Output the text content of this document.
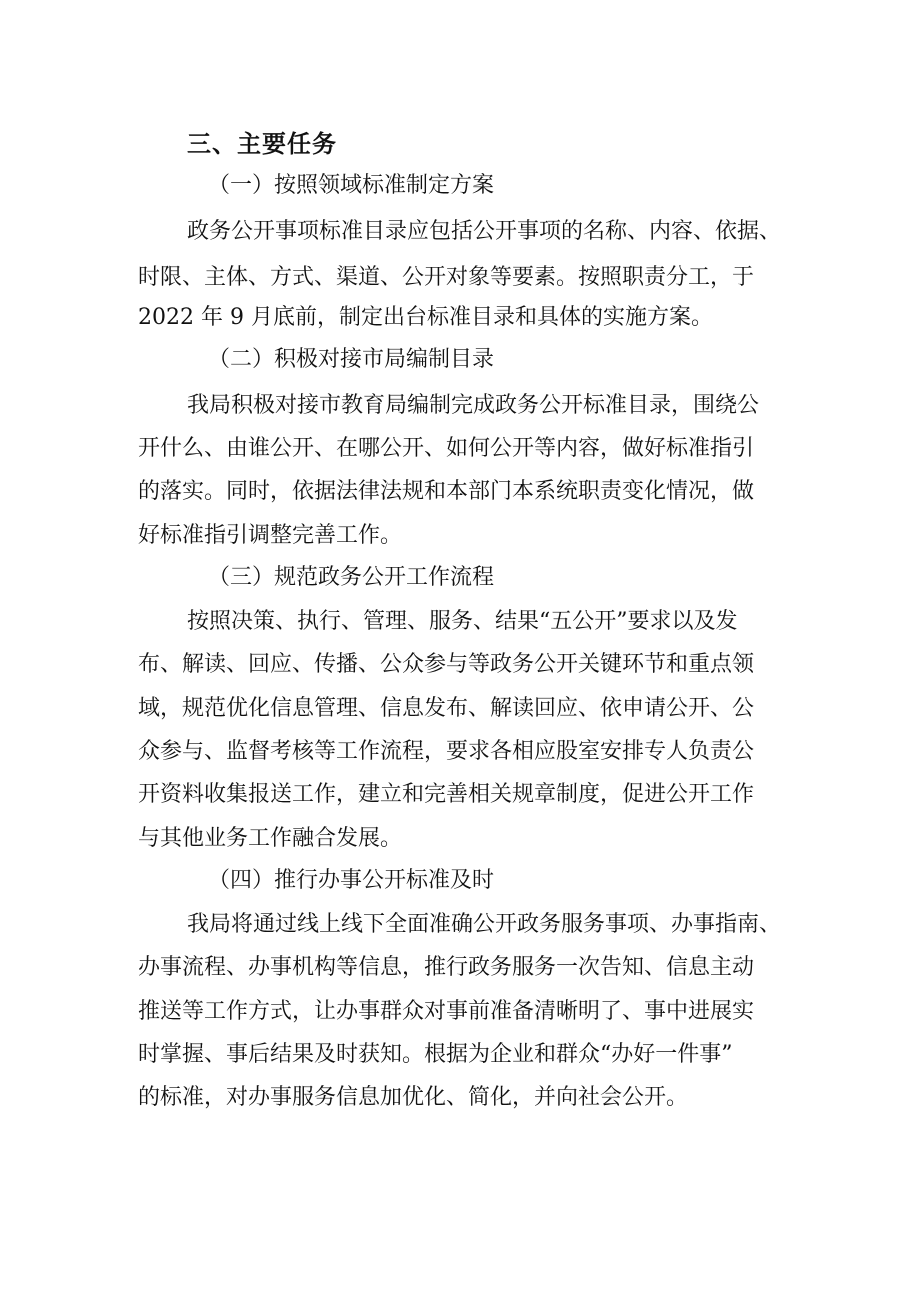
三、主要任务
（一）按照领域标准制定方案
政务公开事项标准目录应包括公开事项的名称、内容、依据、
时限、主体、方式、渠道、公开对象等要素。按照职责分工，于
2022 年 9 月底前，制定出台标准目录和具体的实施方案。
（二）积极对接市局编制目录
我局积极对接市教育局编制完成政务公开标准目录，围绕公
开什么、由谁公开、在哪公开、如何公开等内容，做好标准指引
的落实。同时，依据法律法规和本部门本系统职责变化情况，做
好标准指引调整完善工作。
（三）规范政务公开工作流程
按照决策、执行、管理、服务、结果“五公开”要求以及发
布、解读、回应、传播、公众参与等政务公开关键环节和重点领
域，规范优化信息管理、信息发布、解读回应、依申请公开、公
众参与、监督考核等工作流程，要求各相应股室安排专人负责公
开资料收集报送工作，建立和完善相关规章制度，促进公开工作
与其他业务工作融合发展。
（四）推行办事公开标准及时
我局将通过线上线下全面准确公开政务服务事项、办事指南、
办事流程、办事机构等信息，推行政务服务一次告知、信息主动
推送等工作方式，让办事群众对事前准备清晰明了、事中进展实
时掌握、事后结果及时获知。根据为企业和群众“办好一件事”
的标准，对办事服务信息加优化、简化，并向社会公开。
